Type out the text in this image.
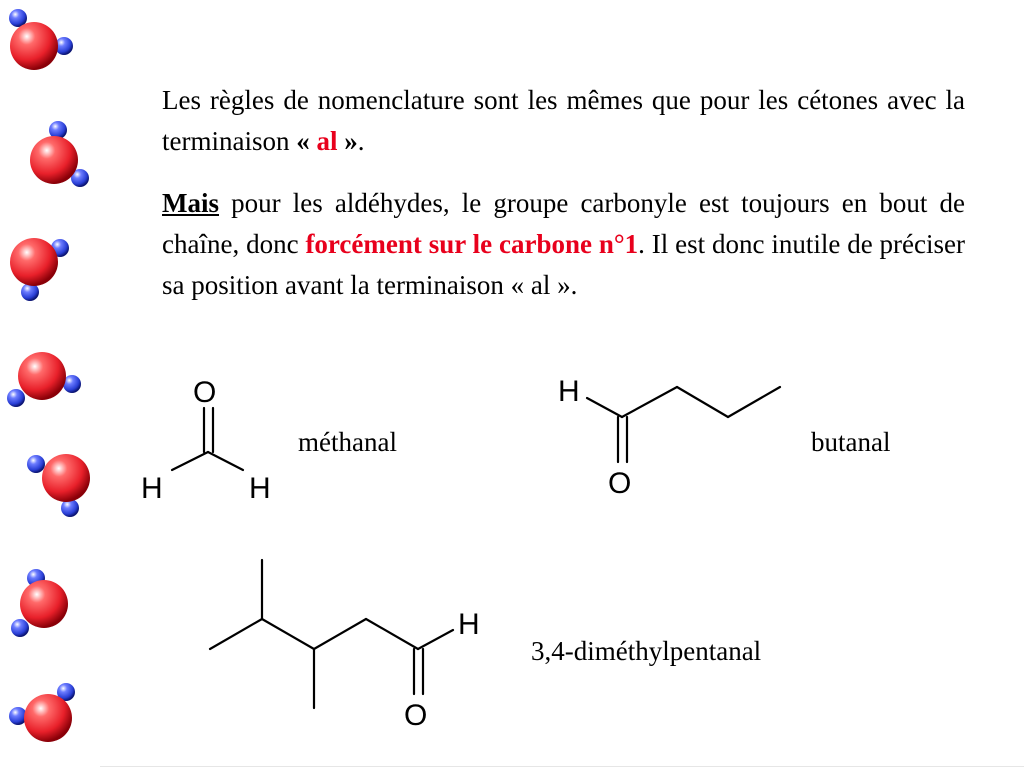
Les règles de nomenclature sont les mêmes que pour les cétones avec la terminaison « al ».

Mais pour les aldéhydes, le groupe carbonyle est toujours en bout de chaîne, donc forcément sur le carbone n°1. Il est donc inutile de préciser sa position avant la terminaison « al ».

O
H	H
H
O
H
O
méthanal	butanal
3,4-diméthylpentanal
